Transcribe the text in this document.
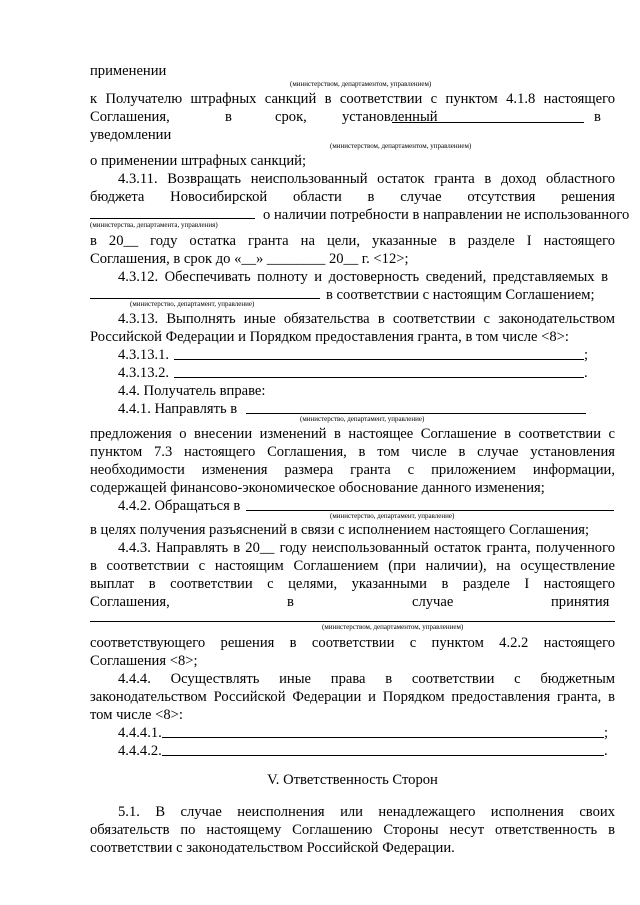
применении
(министерством, департаментом, управлением)
к Получателю штрафных санкций в соответствии с пунктом 4.1.8 настоящего
Соглашения,	в	срок, установленный	в
уведомлении
(министерством, департаментом, управлением)
о применении штрафных санкций;
4.3.11. Возвращать неиспользованный остаток гранта в доход областного
бюджета Новосибирской области в случае отсутствия решения
о наличии потребности в направлении не использованного
(министерства, департамента, управления)
в 20__ году остатка гранта на цели, указанные в разделе I настоящего
Соглашения, в срок до «__» ________ 20__ г. <12>;
4.3.12. Обеспечивать полноту и достоверность сведений, представляемых в
в соответствии с настоящим Соглашением;
(министерство, департамент, управление)
4.3.13. Выполнять иные обязательства в соответствии с законодательством
Российской Федерации и Порядком предоставления гранта, в том числе <8>:
4.3.13.1.	;
4.3.13.2.	.
4.4. Получатель вправе:
4.4.1. Направлять в
(министерство, департамент, управление)
предложения о внесении изменений в настоящее Соглашение в соответствии с
пунктом 7.3 настоящего Соглашения, в том числе в случае установления
необходимости изменения размера гранта с приложением информации,
содержащей финансово-экономическое обоснование данного изменения;
4.4.2. Обращаться в
(министерство, департамент, управление)
в целях получения разъяснений в связи с исполнением настоящего Соглашения;
4.4.3. Направлять в 20__ году неиспользованный остаток гранта, полученного
в соответствии с настоящим Соглашением (при наличии), на осуществление
выплат в соответствии с целями, указанными в разделе I настоящего
Соглашения,	в	случае	принятия
(министерством, департаментом, управлением)
соответствующего решения в соответствии с пунктом 4.2.2 настоящего
Соглашения <8>;
4.4.4. Осуществлять иные права в соответствии с бюджетным
законодательством Российской Федерации и Порядком предоставления гранта, в
том числе <8>:
4.4.4.1.	;
4.4.4.2.	.
V. Ответственность Сторон
5.1. В случае неисполнения или ненадлежащего исполнения своих
обязательств по настоящему Соглашению Стороны несут ответственность в
соответствии с законодательством Российской Федерации.
